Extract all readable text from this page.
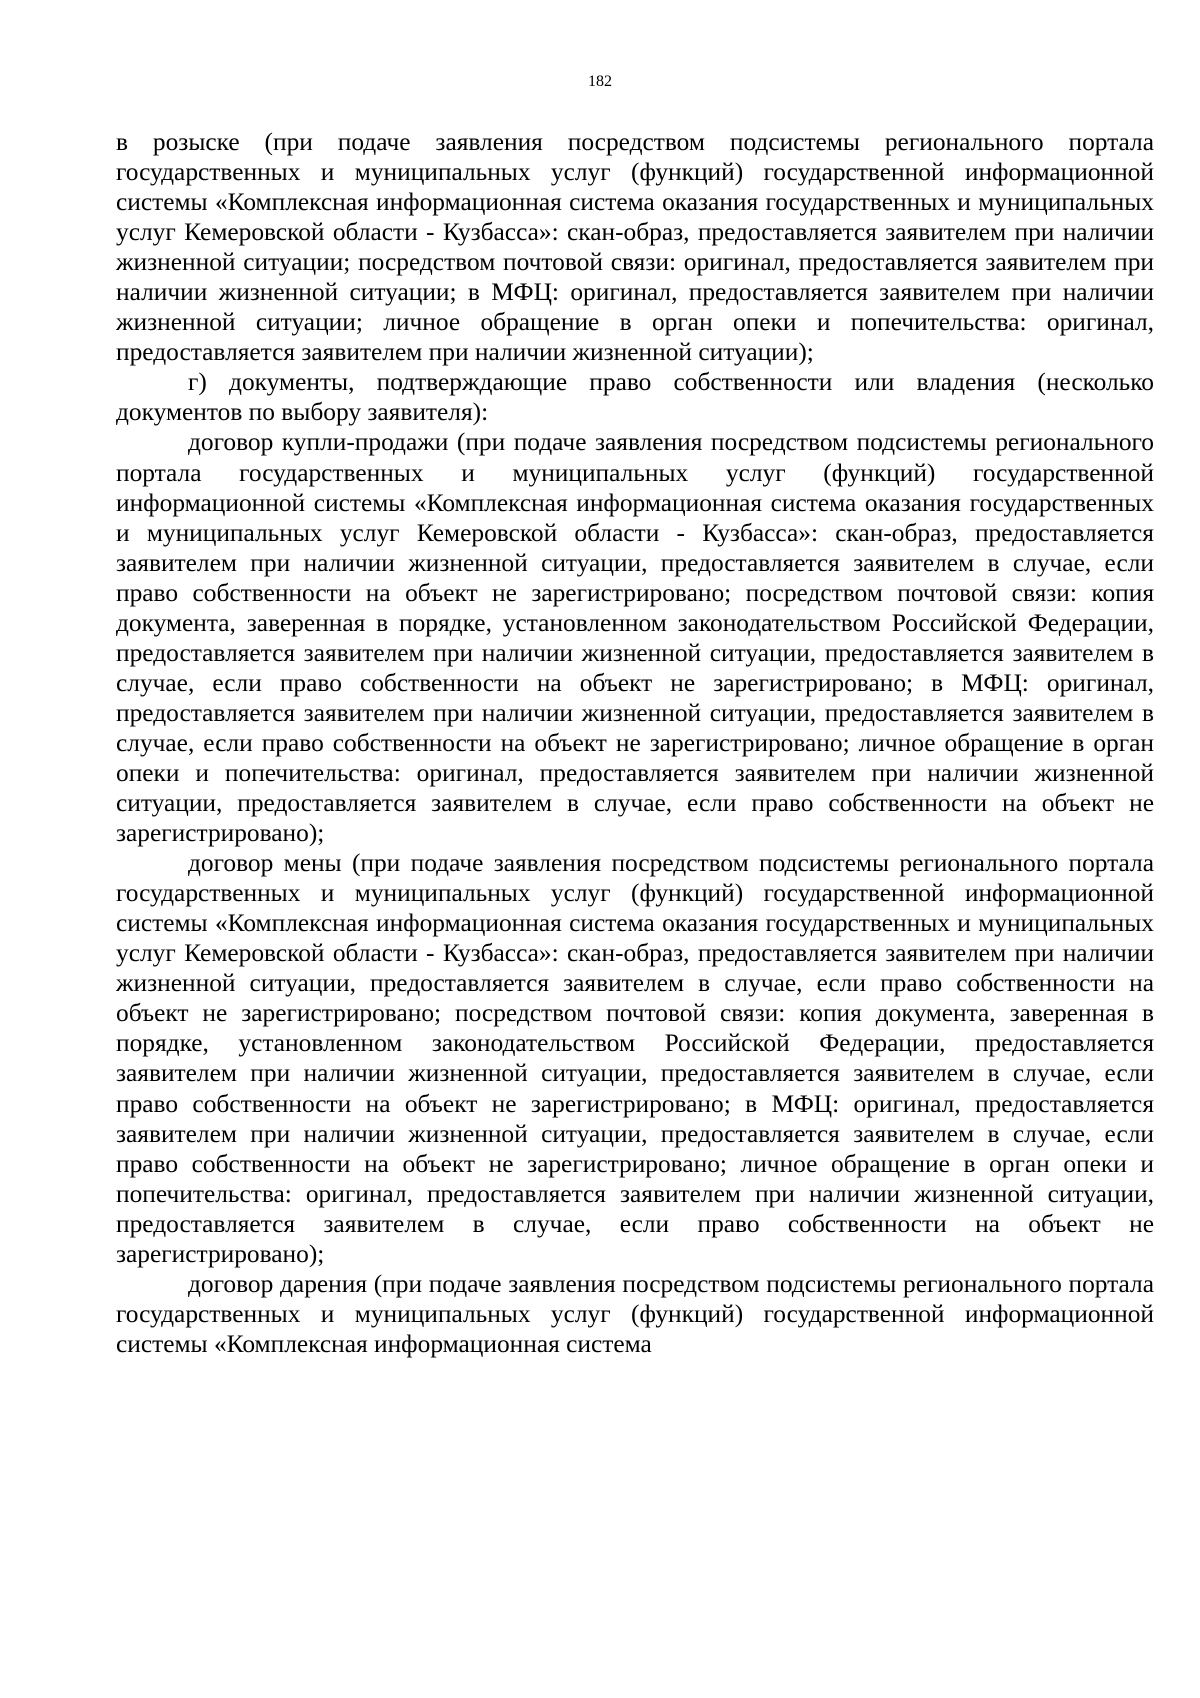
182

в розыске (при подаче заявления посредством подсистемы регионального портала государственных и муниципальных услуг (функций) государственной информационной системы «Комплексная информационная система оказания государственных и муниципальных услуг Кемеровской области - Кузбасса»: скан-образ, предоставляется заявителем при наличии жизненной ситуации; посредством почтовой связи: оригинал, предоставляется заявителем при наличии жизненной ситуации; в МФЦ: оригинал, предоставляется заявителем при наличии жизненной ситуации; личное обращение в орган опеки и попечительства: оригинал, предоставляется заявителем при наличии жизненной ситуации);

г) документы, подтверждающие право собственности или владения (несколько документов по выбору заявителя):

договор купли-продажи (при подаче заявления посредством подсистемы регионального портала государственных и муниципальных услуг (функций) государственной информационной системы «Комплексная информационная система оказания государственных и муниципальных услуг Кемеровской области - Кузбасса»: скан-образ, предоставляется заявителем при наличии жизненной ситуации, предоставляется заявителем в случае, если право собственности на объект не зарегистрировано; посредством почтовой связи: копия документа, заверенная в порядке, установленном законодательством Российской Федерации, предоставляется заявителем при наличии жизненной ситуации, предоставляется заявителем в случае, если право собственности на объект не зарегистрировано; в МФЦ: оригинал, предоставляется заявителем при наличии жизненной ситуации, предоставляется заявителем в случае, если право собственности на объект не зарегистрировано; личное обращение в орган опеки и попечительства: оригинал, предоставляется заявителем при наличии жизненной ситуации, предоставляется заявителем в случае, если право собственности на объект не зарегистрировано);

договор мены (при подаче заявления посредством подсистемы регионального портала государственных и муниципальных услуг (функций) государственной информационной системы «Комплексная информационная система оказания государственных и муниципальных услуг Кемеровской области - Кузбасса»: скан-образ, предоставляется заявителем при наличии жизненной ситуации, предоставляется заявителем в случае, если право собственности на объект не зарегистрировано; посредством почтовой связи: копия документа, заверенная в порядке, установленном законодательством Российской Федерации, предоставляется заявителем при наличии жизненной ситуации, предоставляется заявителем в случае, если право собственности на объект не зарегистрировано; в МФЦ: оригинал, предоставляется заявителем при наличии жизненной ситуации, предоставляется заявителем в случае, если право собственности на объект не зарегистрировано; личное обращение в орган опеки и попечительства: оригинал, предоставляется заявителем при наличии жизненной ситуации, предоставляется заявителем в случае, если право собственности на объект не зарегистрировано);

договор дарения (при подаче заявления посредством подсистемы регионального портала государственных и муниципальных услуг (функций) государственной информационной системы «Комплексная информационная система
